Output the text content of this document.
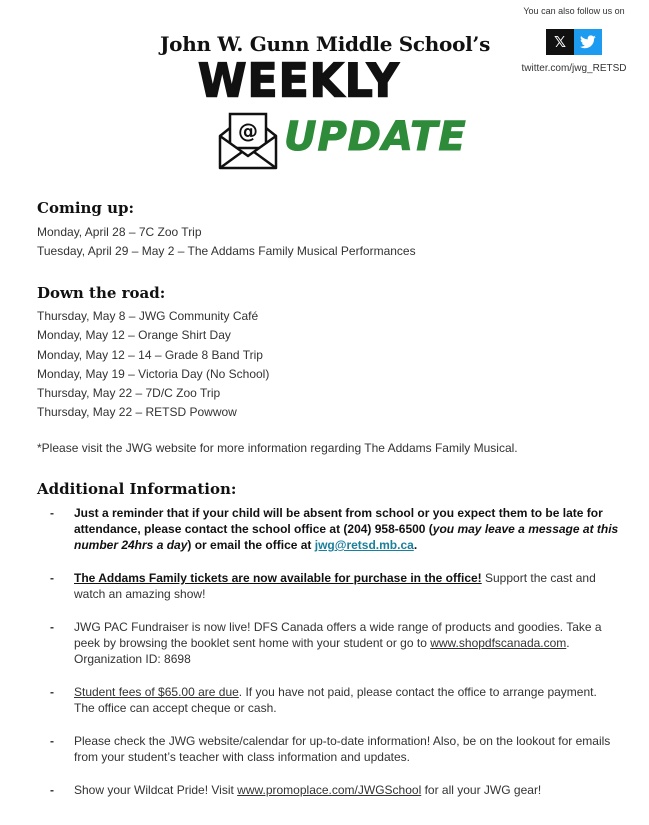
You can also follow us on
𝕏
twitter.com/jwg_RETSD
John W. Gunn Middle School’s
WEEKLY
@ UPDATE
Coming up:
Monday, April 28 – 7C Zoo Trip
Tuesday, April 29 – May 2 – The Addams Family Musical Performances
Down the road:
Thursday, May 8 – JWG Community Café
Monday, May 12 – Orange Shirt Day
Monday, May 12 – 14 – Grade 8 Band Trip
Monday, May 19 – Victoria Day (No School)
Thursday, May 22 – 7D/C Zoo Trip
Thursday, May 22 – RETSD Powwow
*Please visit the JWG website for more information regarding The Addams Family Musical.
Additional Information:
-	Just a reminder that if your child will be absent from school or you expect them to be late for attendance, please contact the school office at (204) 958-6500 (you may leave a message at this number 24hrs a day) or email the office at jwg@retsd.mb.ca.
-	The Addams Family tickets are now available for purchase in the office! Support the cast and watch an amazing show!
-	JWG PAC Fundraiser is now live! DFS Canada offers a wide range of products and goodies. Take a peek by browsing the booklet sent home with your student or go to www.shopdfscanada.com. Organization ID: 8698
-	Student fees of $65.00 are due. If you have not paid, please contact the office to arrange payment. The office can accept cheque or cash.
-	Please check the JWG website/calendar for up-to-date information! Also, be on the lookout for emails from your student’s teacher with class information and updates.
-	Show your Wildcat Pride! Visit www.promoplace.com/JWGSchool for all your JWG gear!
